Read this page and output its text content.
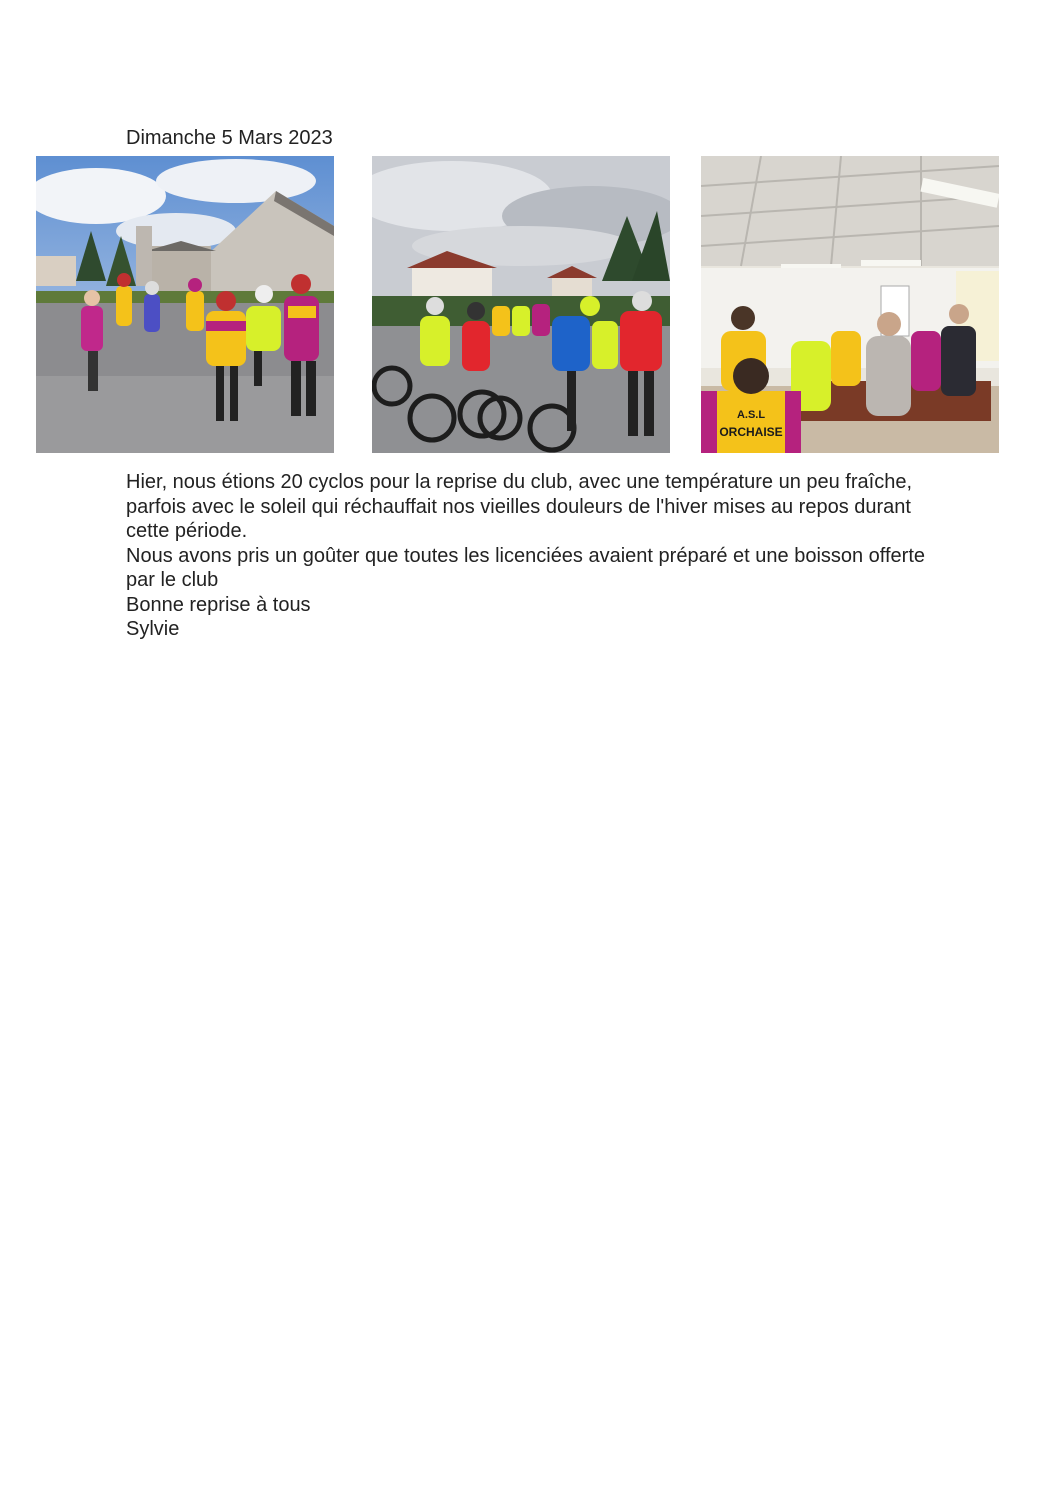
Dimanche 5 Mars 2023
A.S.L
ORCHAISE

Hier, nous étions 20 cyclos pour la reprise du club, avec une température un peu fraîche, parfois avec le soleil qui réchauffait nos vieilles douleurs de l'hiver mises au repos durant cette période.

Nous avons pris un goûter que toutes les licenciées avaient préparé et une boisson offerte par le club

Bonne reprise à tous

Sylvie
